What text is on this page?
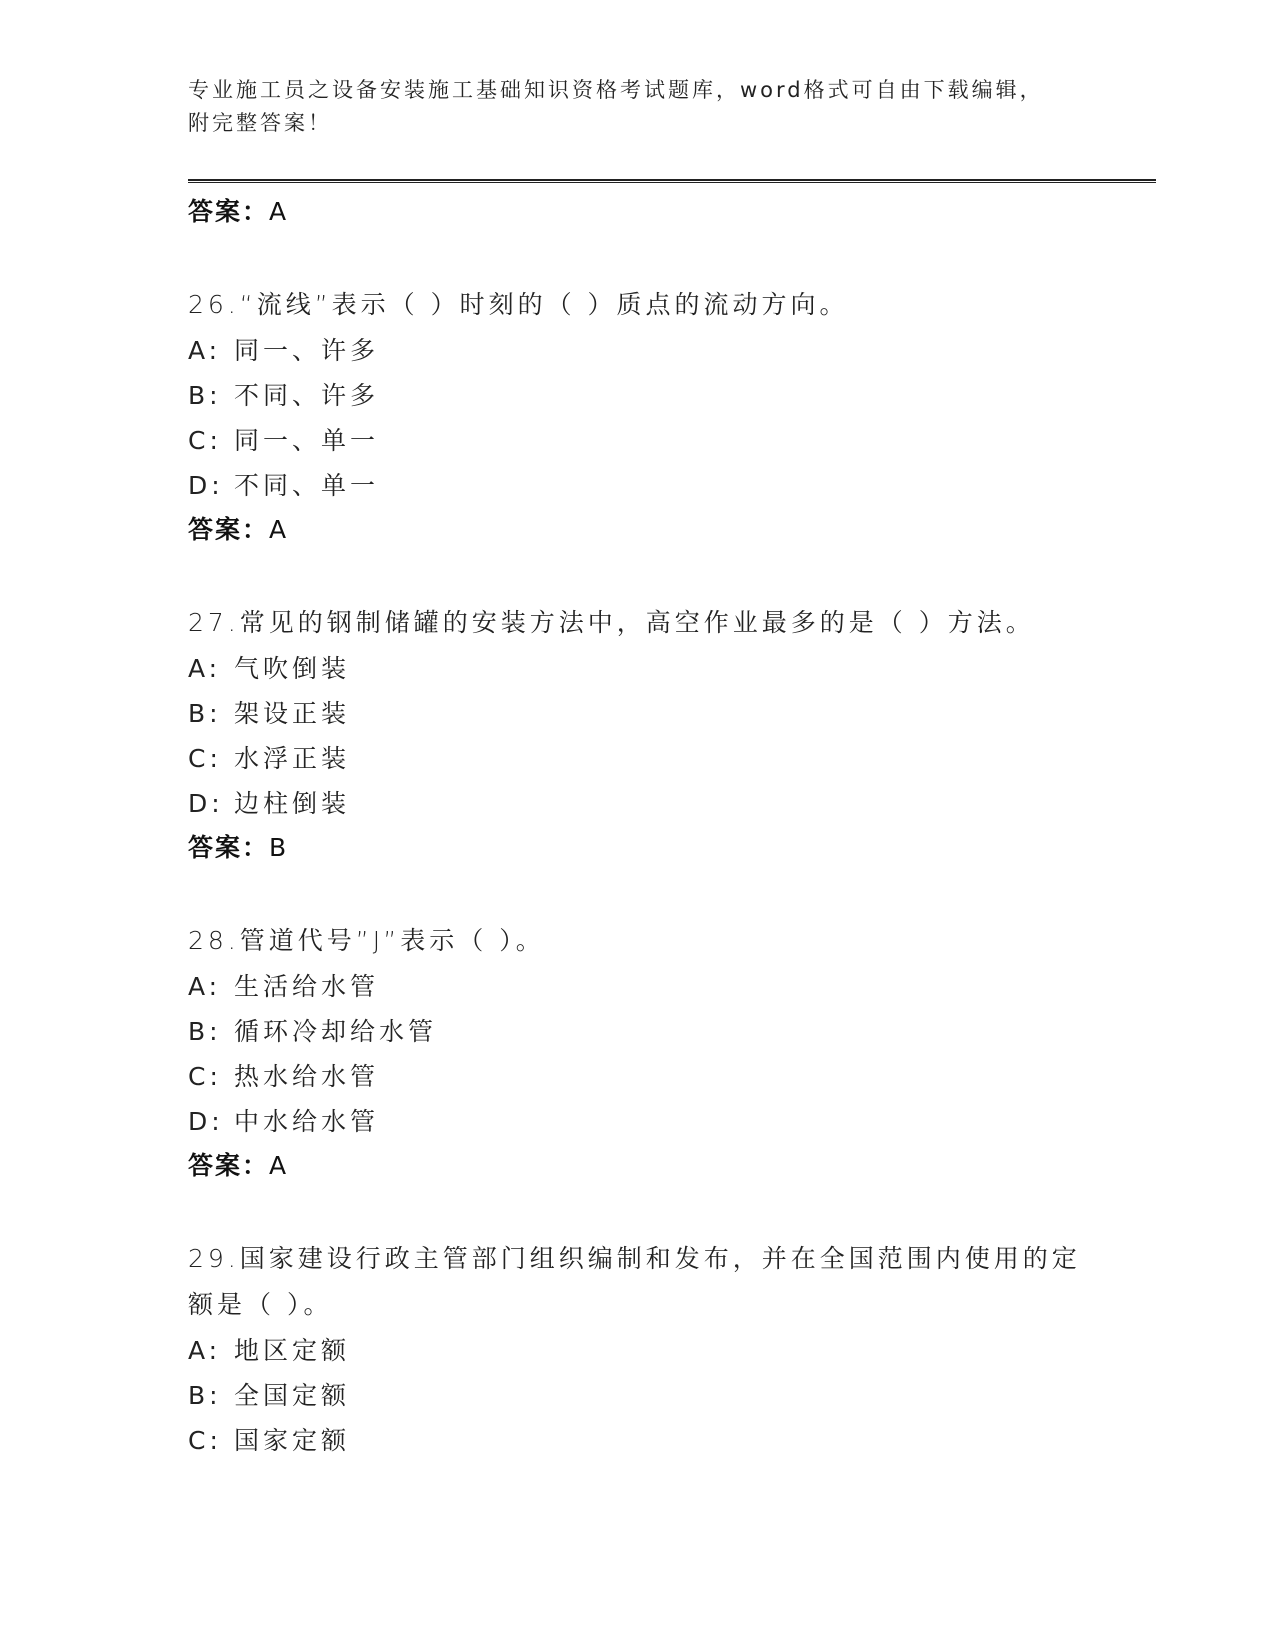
专业施工员之设备安装施工基础知识资格考试题库，word格式可自由下载编辑，
附完整答案！
答案：A
26.“流线”表示（ ）时刻的（ ）质点的流动方向。
A: 同一、许多
B: 不同、许多
C: 同一、单一
D: 不同、单一
答案：A
27.常见的钢制储罐的安装方法中，高空作业最多的是（ ）方法。
A: 气吹倒装
B: 架设正装
C: 水浮正装
D: 边柱倒装
答案：B
28.管道代号”J”表示（ ）。
A: 生活给水管
B: 循环冷却给水管
C: 热水给水管
D: 中水给水管
答案：A
29.国家建设行政主管部门组织编制和发布，并在全国范围内使用的定额是（ ）。
A: 地区定额
B: 全国定额
C: 国家定额
